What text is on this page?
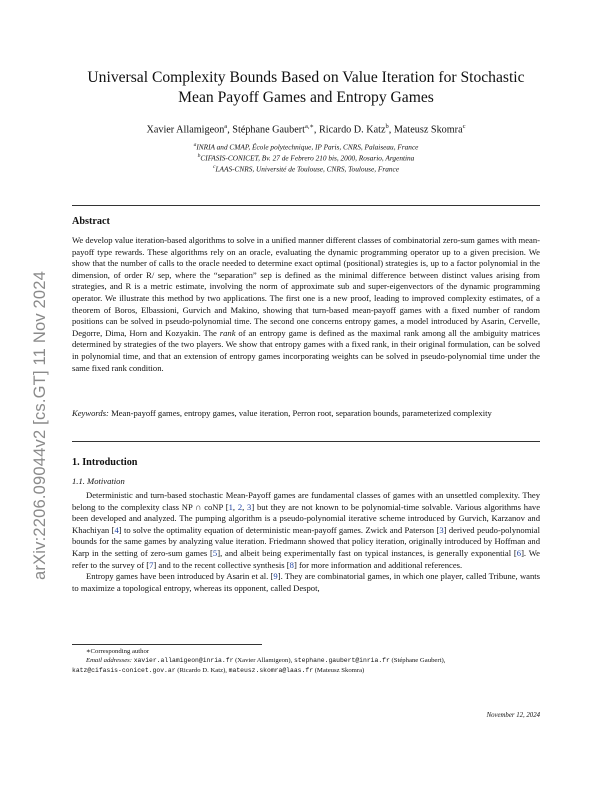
arXiv:2206.09044v2 [cs.GT] 11 Nov 2024
Universal Complexity Bounds Based on Value Iteration for Stochastic Mean Payoff Games and Entropy Games
Xavier Allamigeon$^a$, Stéphane Gaubert$^{a,∗}$, Ricardo D. Katz$^b$, Mateusz Skomra$^c$
$^a$INRIA and CMAP, École polytechnique, IP Paris, CNRS, Palaiseau, France
$^b$CIFASIS-CONICET, Bv. 27 de Febrero 210 bis, 2000, Rosario, Argentina
$^c$LAAS-CNRS, Université de Toulouse, CNRS, Toulouse, France
Abstract

We develop value iteration-based algorithms to solve in a unified manner different classes of combinatorial zero-sum games with mean-payoff type rewards. These algorithms rely on an oracle, evaluating the dynamic programming operator up to a given precision. We show that the number of calls to the oracle needed to determine exact optimal (positional) strategies is, up to a factor polynomial in the dimension, of order R/ sep, where the “separation” sep is defined as the minimal difference between distinct values arising from strategies, and R is a metric estimate, involving the norm of approximate sub and super-eigenvectors of the dynamic programming operator. We illustrate this method by two applications. The first one is a new proof, leading to improved complexity estimates, of a theorem of Boros, Elbassioni, Gurvich and Makino, showing that turn-based mean-payoff games with a fixed number of random positions can be solved in pseudo-polynomial time. The second one concerns entropy games, a model introduced by Asarin, Cervelle, Degorre, Dima, Horn and Kozyakin. The rank of an entropy game is defined as the maximal rank among all the ambiguity matrices determined by strategies of the two players. We show that entropy games with a fixed rank, in their original formulation, can be solved in polynomial time, and that an extension of entropy games incorporating weights can be solved in pseudo-polynomial time under the same fixed rank condition.

Keywords: Mean-payoff games, entropy games, value iteration, Perron root, separation bounds, parameterized complexity
1. Introduction
1.1. Motivation

Deterministic and turn-based stochastic Mean-Payoff games are fundamental classes of games with an unsettled complexity. They belong to the complexity class NP ∩ coNP [1, 2, 3] but they are not known to be polynomial-time solvable. Various algorithms have been developed and analyzed. The pumping algorithm is a pseudo-polynomial iterative scheme introduced by Gurvich, Karzanov and Khachiyan [4] to solve the optimality equation of deterministic mean-payoff games. Zwick and Paterson [3] derived peudo-polynomial bounds for the same games by analyzing value iteration. Friedmann showed that policy iteration, originally introduced by Hoffman and Karp in the setting of zero-sum games [5], and albeit being experimentally fast on typical instances, is generally exponential [6]. We refer to the survey of [7] and to the recent collective synthesis [8] for more information and additional references.

Entropy games have been introduced by Asarin et al. [9]. They are combinatorial games, in which one player, called Tribune, wants to maximize a topological entropy, whereas its opponent, called Despot,

∗Corresponding author

Email addresses: xavier.allamigeon@inria.fr (Xavier Allamigeon), stephane.gaubert@inria.fr (Stéphane Gaubert),

katz@cifasis-conicet.gov.ar (Ricardo D. Katz), mateusz.skomra@laas.fr (Mateusz Skomra)

November 12, 2024
